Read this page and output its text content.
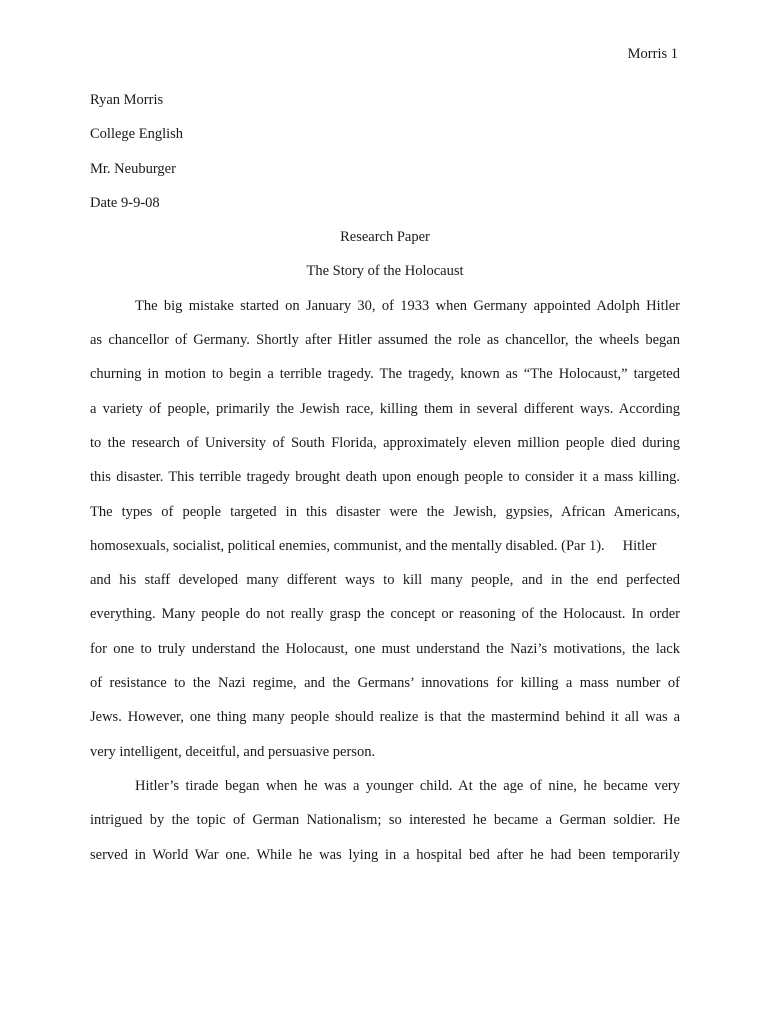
Morris 1
Ryan Morris
College English
Mr. Neuburger
Date 9-9-08
Research Paper
The Story of the Holocaust
The big mistake started on January 30, of 1933 when Germany appointed Adolph Hitler
as chancellor of Germany. Shortly after Hitler assumed the role as chancellor, the wheels began
churning in motion to begin a terrible tragedy. The tragedy, known as “The Holocaust,” targeted
a variety of people, primarily the Jewish race, killing them in several different ways. According
to the research of University of South Florida, approximately eleven million people died during
this disaster. This terrible tragedy brought death upon enough people to consider it a mass killing.
The types of people targeted in this disaster were the Jewish, gypsies, African Americans,
homosexuals, socialist, political enemies, communist, and the mentally disabled. (Par 1). Hitler
and his staff developed many different ways to kill many people, and in the end perfected
everything. Many people do not really grasp the concept or reasoning of the Holocaust. In order
for one to truly understand the Holocaust, one must understand the Nazi’s motivations, the lack
of resistance to the Nazi regime, and the Germans’ innovations for killing a mass number of
Jews. However, one thing many people should realize is that the mastermind behind it all was a
very intelligent, deceitful, and persuasive person.
Hitler’s tirade began when he was a younger child. At the age of nine, he became very
intrigued by the topic of German Nationalism; so interested he became a German soldier. He
served in World War one. While he was lying in a hospital bed after he had been temporarily
